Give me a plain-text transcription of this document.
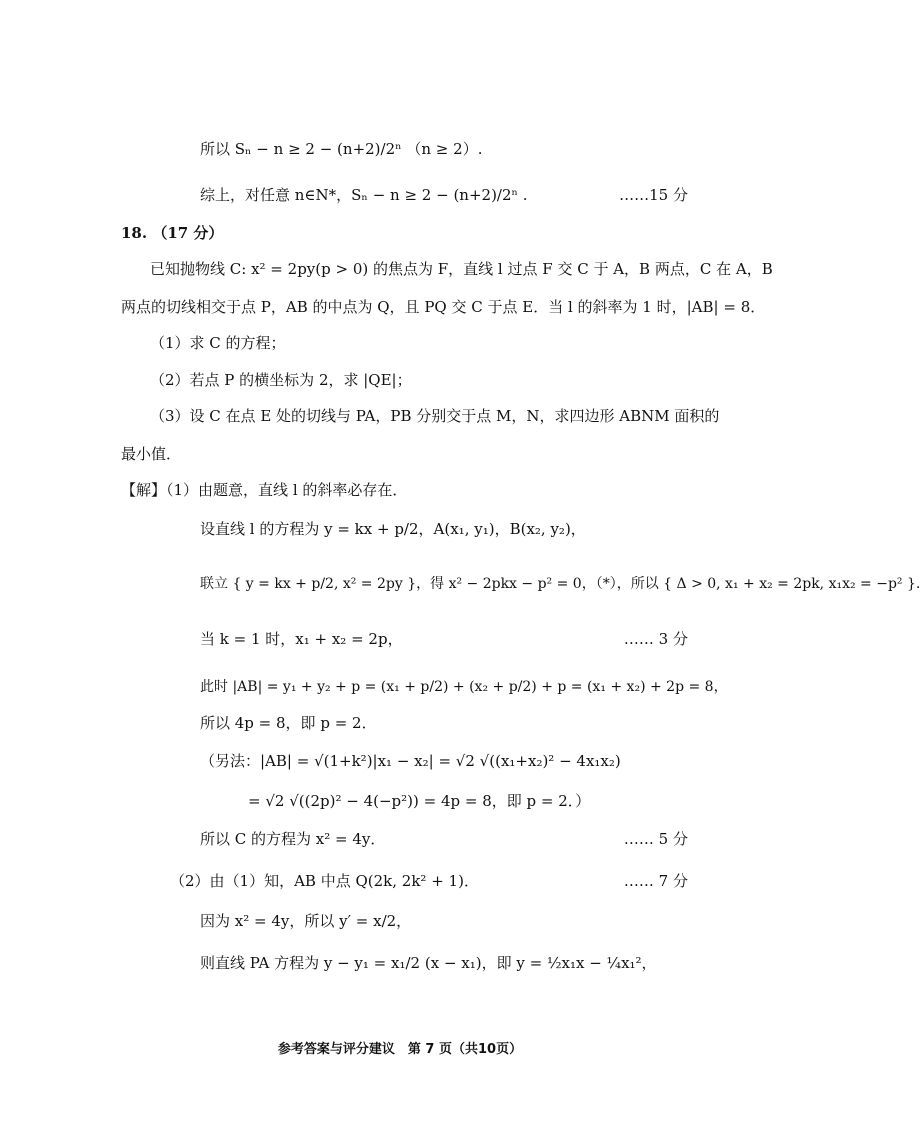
所以 Sₙ − n ≥ 2 − (n+2)/2ⁿ （n ≥ 2）.
综上，对任意 n∈N*，Sₙ − n ≥ 2 − (n+2)/2ⁿ .	……15 分
18. （17 分）
已知抛物线 C: x² = 2py(p > 0) 的焦点为 F，直线 l 过点 F 交 C 于 A，B 两点，C 在 A，B
两点的切线相交于点 P，AB 的中点为 Q，且 PQ 交 C 于点 E．当 l 的斜率为 1 时，|AB| = 8．
（1）求 C 的方程；
（2）若点 P 的横坐标为 2，求 |QE|；
（3）设 C 在点 E 处的切线与 PA，PB 分别交于点 M，N，求四边形 ABNM 面积的
最小值．
【解】（1）由题意，直线 l 的斜率必存在．
设直线 l 的方程为 y = kx + p/2，A(x₁, y₁)，B(x₂, y₂)，
联立 { y = kx + p/2, x² = 2py }，得 x² − 2pkx − p² = 0，（*），所以 { Δ > 0, x₁ + x₂ = 2pk, x₁x₂ = −p² }.
当 k = 1 时，x₁ + x₂ = 2p，	…… 3 分
此时 |AB| = y₁ + y₂ + p = (x₁ + p/2) + (x₂ + p/2) + p = (x₁ + x₂) + 2p = 8，
所以 4p = 8，即 p = 2．
（另法：|AB| = √(1+k²)|x₁ − x₂| = √2 √((x₁+x₂)² − 4x₁x₂)
= √2 √((2p)² − 4(−p²)) = 4p = 8，即 p = 2．）
所以 C 的方程为 x² = 4y．	…… 5 分
（2）由（1）知，AB 中点 Q(2k, 2k² + 1)．	…… 7 分
因为 x² = 4y，所以 y′ = x/2，
则直线 PA 方程为 y − y₁ = x₁/2 (x − x₁)，即 y = ½x₁x − ¼x₁²，
参考答案与评分建议　第 7 页（共10页）
